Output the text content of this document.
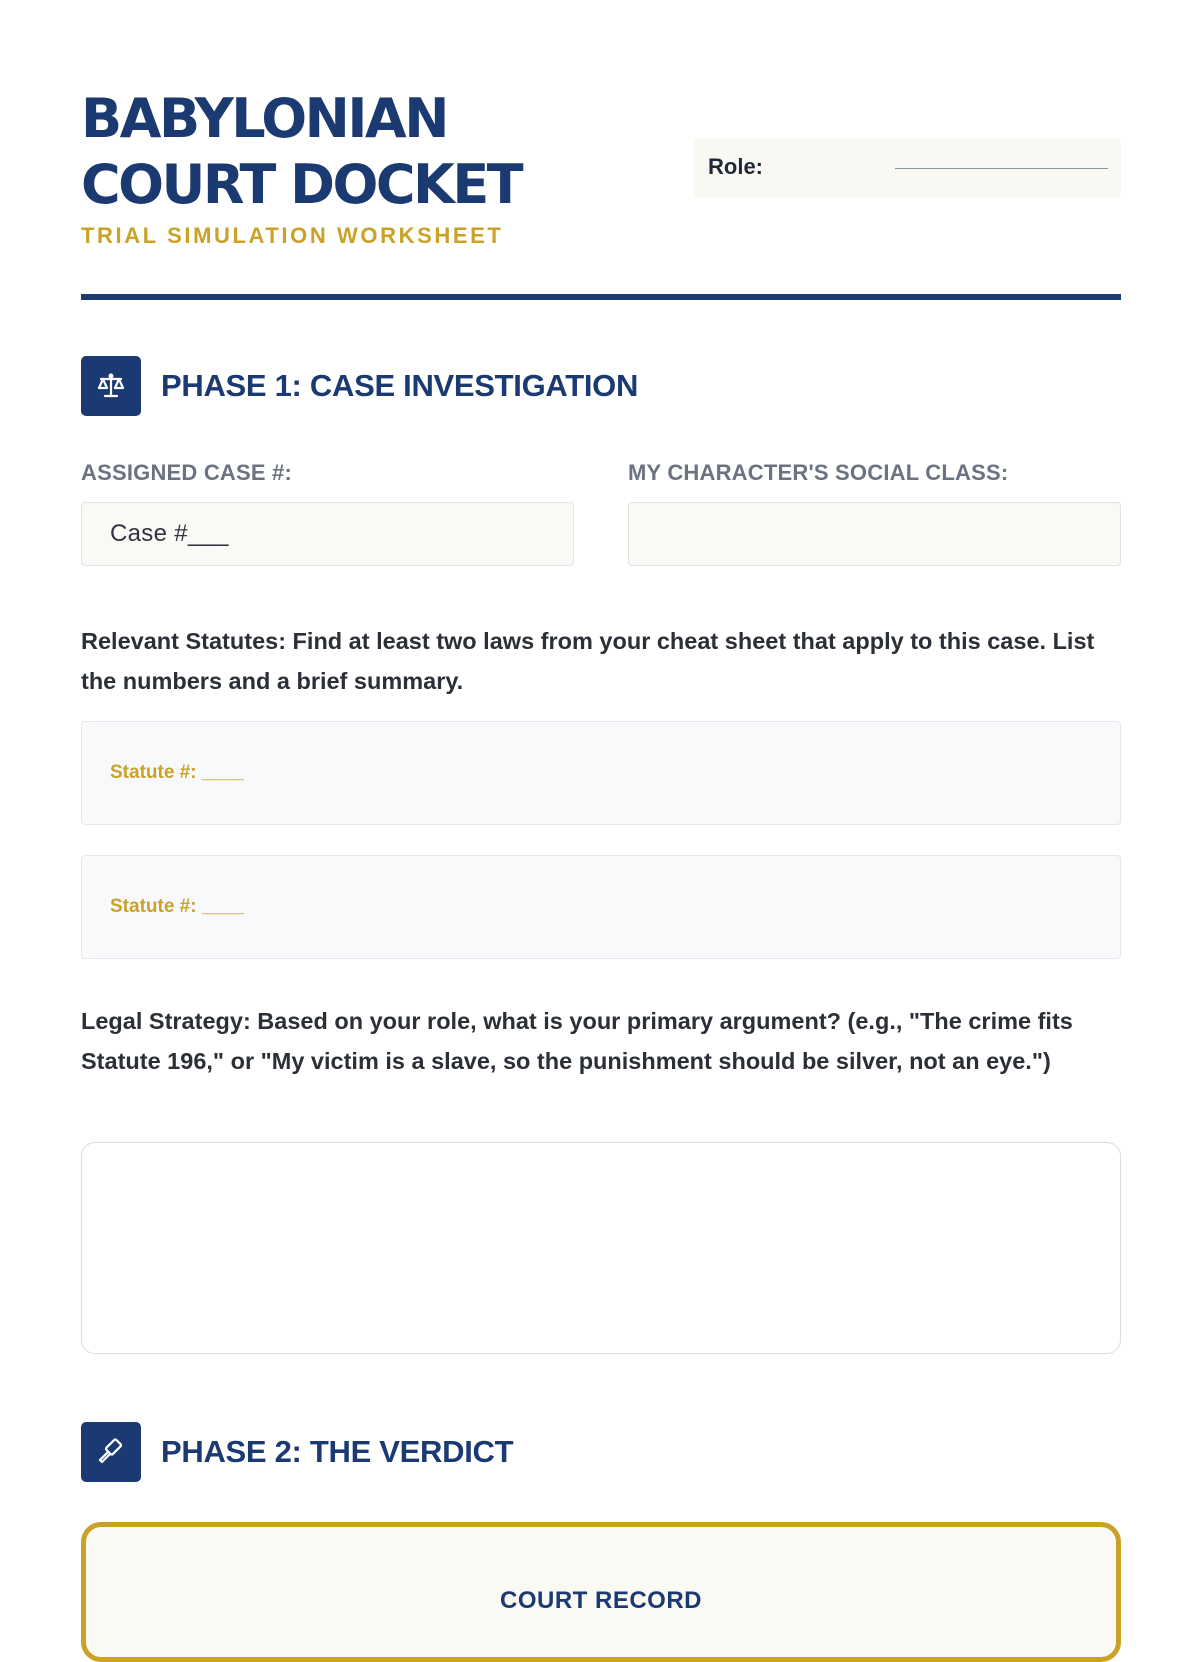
BABYLONIAN
COURT DOCKET
TRIAL SIMULATION WORKSHEET
Role:
PHASE 1: CASE INVESTIGATION
ASSIGNED CASE #:	MY CHARACTER'S SOCIAL CLASS:
Case #___
Relevant Statutes: Find at least two laws from your cheat sheet that apply to this case. List the numbers and a brief summary.
Statute #: ____
Statute #: ____
Legal Strategy: Based on your role, what is your primary argument? (e.g., "The crime fits Statute 196," or "My victim is a slave, so the punishment should be silver, not an eye.")
PHASE 2: THE VERDICT
COURT RECORD
